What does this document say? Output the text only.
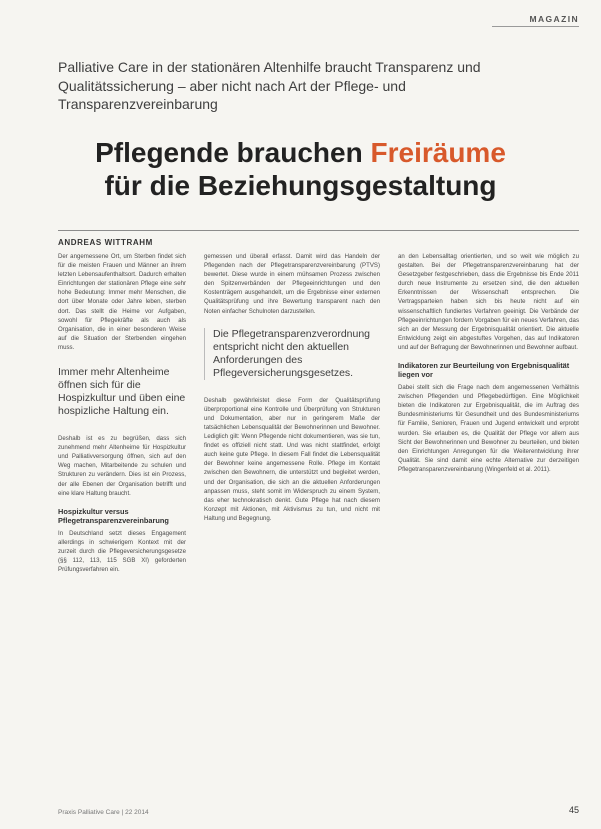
MAGAZIN
Palliative Care in der stationären Altenhilfe braucht Transparenz und Qualitätssicherung – aber nicht nach Art der Pflege- und Transparenzvereinbarung
Pflegende brauchen Freiräume
für die Beziehungsgestaltung
ANDREAS WITTRAHM

Der angemessene Ort, um Sterben findet sich für die meisten Frauen und Männer an ihrem letzten Lebensaufenthaltsort. Dadurch erhalten Einrichtungen der stationären Pflege eine sehr hohe Bedeutung: Immer mehr Menschen, die dort über Monate oder Jahre leben, sterben dort. Das stellt die Heime vor Aufgaben, sowohl für Pflegekräfte als auch als Organisation, die in einer besonderen Weise auf die Situation der Sterbenden eingehen muss.

Immer mehr Altenheime öffnen sich für die Hospizkultur und üben eine hospizliche Haltung ein.

Deshalb ist es zu begrüßen, dass sich zunehmend mehr Altenheime für Hospizkultur und Palliativversorgung öffnen, sich auf den Weg machen, Mitarbeitende zu schulen und Strukturen zu verändern. Dies ist ein Prozess, der alle Ebenen der Organisation betrifft und eine klare Haltung braucht.

Hospizkultur versus Pflegetransparenzvereinbarung

In Deutschland setzt dieses Engagement allerdings in schwierigem Kontext mit der zurzeit durch die Pflegeversicherungsgesetze (§§ 112, 113, 115 SGB XI) geforderten Prüfungsverfahren ein.

gemessen und überall erfasst. Damit wird das Handeln der Pflegenden nach der Pflegetransparenzvereinbarung (PTVS) bewertet. Diese wurde in einem mühsamen Prozess zwischen den Spitzenverbänden der Pflegeeinrichtungen und den Kostenträgern ausgehandelt, um die Ergebnisse einer externen Qualitätsprüfung und ihre Bewertung transparent nach den Noten einfacher Schulnoten darzustellen.

Die Pflegetransparenzverordnung entspricht nicht den aktuellen Anforderungen des Pflegeversicherungsgesetzes.

Deshalb gewährleistet diese Form der Qualitätsprüfung überproportional eine Kontrolle und Überprüfung von Strukturen und Dokumentation, aber nur in geringerem Maße der tatsächlichen Lebensqualität der Bewohnerinnen und Bewohner. Lediglich gilt: Wenn Pflegende nicht dokumentieren, was sie tun, findet es offiziell nicht statt. Und was nicht stattfindet, erfolgt auch keine gute Pflege. In diesem Fall findet die Lebensqualität der Bewohner keine angemessene Rolle. Pflege im Kontakt zwischen den Bewohnern, die unterstützt und begleitet werden, und der Organisation, die sich an die aktuellen Anforderungen anpassen muss, steht somit im Widerspruch zu einem System, das eher technokratisch denkt. Gute Pflege hat nach diesem Konzept mit Aktionen, mit Aktivismus zu tun, und nicht mit Haltung und Begegnung.

an den Lebensalltag orientierten, und so weit wie möglich zu gestalten. Bei der Pflegetransparenzvereinbarung hat der Gesetzgeber festgeschrieben, dass die Ergebnisse bis Ende 2011 durch neue Instrumente zu ersetzen sind, die den aktuellen Erkenntnissen der Wissenschaft entsprechen. Die Vertragsparteien haben sich bis heute nicht auf ein wissenschaftlich fundiertes Verfahren geeinigt. Die Verbände der Pflegeeinrichtungen fordern Vorgaben für ein neues Verfahren, das sich an der Messung der Ergebnisqualität orientiert. Die aktuelle Entwicklung zeigt ein abgestuftes Vorgehen, das auf Indikatoren und auf der Befragung der Bewohnerinnen und Bewohner aufbaut.

Indikatoren zur Beurteilung von Ergebnisqualität liegen vor

Dabei stellt sich die Frage nach dem angemessenen Verhältnis zwischen Pflegenden und Pflegebedürftigen. Eine Möglichkeit bieten die Indikatoren zur Ergebnisqualität, die im Auftrag des Bundesministeriums für Gesundheit und des Bundesministeriums für Familie, Senioren, Frauen und Jugend entwickelt und erprobt wurden. Sie erlauben es, die Qualität der Pflege vor allem aus Sicht der Bewohnerinnen und Bewohner zu beurteilen, und bieten den Einrichtungen Anregungen für die Weiterentwicklung ihrer Qualität. Sie sind damit eine echte Alternative zur derzeitigen Pflegetransparenzvereinbarung (Wingenfeld et al. 2011).

Praxis Palliative Care | 22 2014	45
